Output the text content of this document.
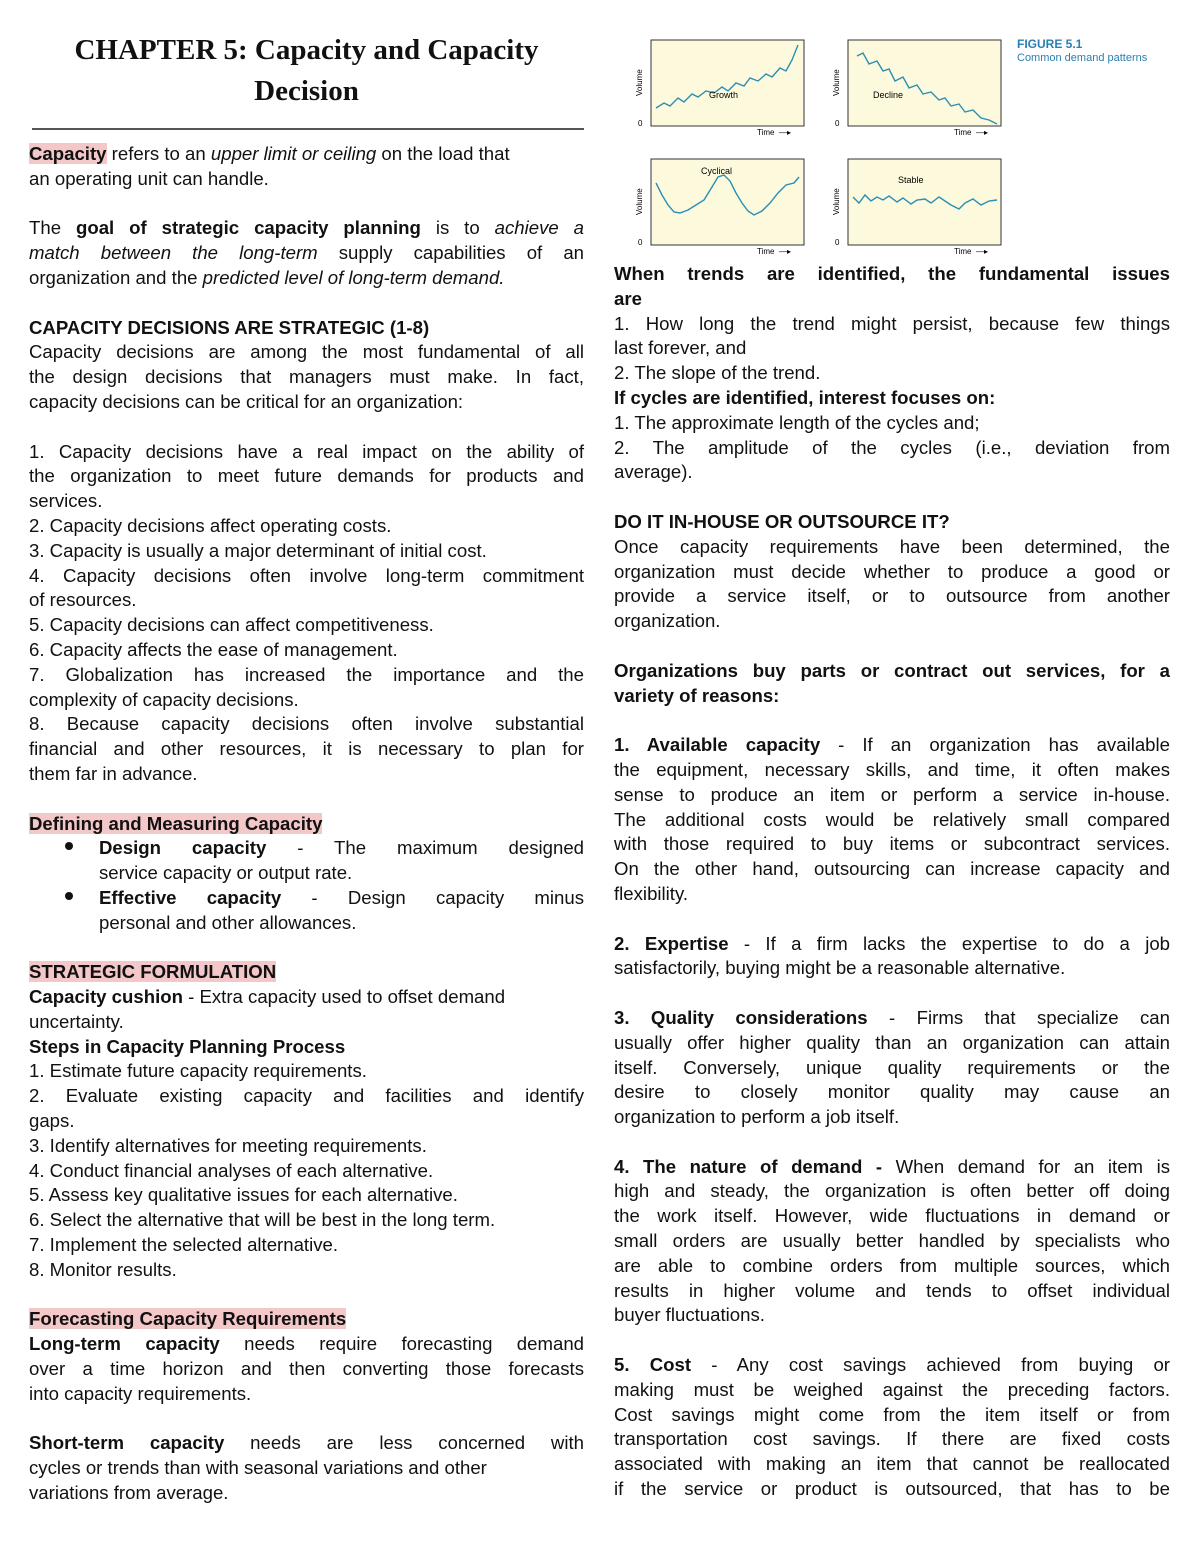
CHAPTER 5: Capacity and Capacity
Decision
Capacity refers to an upper limit or ceiling on the load that
an operating unit can handle.
The goal of strategic capacity planning is to achieve a
match between the long-term supply capabilities of an
organization and the predicted level of long-term demand.
CAPACITY DECISIONS ARE STRATEGIC (1-8)
Capacity decisions are among the most fundamental of all
the design decisions that managers must make. In fact,
capacity decisions can be critical for an organization:
1. Capacity decisions have a real impact on the ability of
the organization to meet future demands for products and
services.
2. Capacity decisions affect operating costs.
3. Capacity is usually a major determinant of initial cost.
4. Capacity decisions often involve long-term commitment
of resources.
5. Capacity decisions can affect competitiveness.
6. Capacity affects the ease of management.
7. Globalization has increased the importance and the
complexity of capacity decisions.
8. Because capacity decisions often involve substantial
financial and other resources, it is necessary to plan for
them far in advance.
Defining and Measuring Capacity
Design capacity - The maximum designed
service capacity or output rate.
Effective capacity - Design capacity minus
personal and other allowances.
STRATEGIC FORMULATION
Capacity cushion - Extra capacity used to offset demand
uncertainty.
Steps in Capacity Planning Process
1. Estimate future capacity requirements.
2. Evaluate existing capacity and facilities and identify
gaps.
3. Identify alternatives for meeting requirements.
4. Conduct financial analyses of each alternative.
5. Assess key qualitative issues for each alternative.
6. Select the alternative that will be best in the long term.
7. Implement the selected alternative.
8. Monitor results.
Forecasting Capacity Requirements
Long-term capacity needs require forecasting demand
over a time horizon and then converting those forecasts
into capacity requirements.
Short-term capacity needs are less concerned with
cycles or trends than with seasonal variations and other
variations from average.
Growth
Volume
0
Time —▸
Decline
Volume
0
Time —▸
Cyclical
Volume
0
Time —▸
Stable
Volume
0
Time —▸
FIGURE 5.1
Common demand patterns
When trends are identified, the fundamental issues
are
1. How long the trend might persist, because few things
last forever, and
2. The slope of the trend.
If cycles are identified, interest focuses on:
1. The approximate length of the cycles and;
2. The amplitude of the cycles (i.e., deviation from
average).
DO IT IN-HOUSE OR OUTSOURCE IT?
Once capacity requirements have been determined, the
organization must decide whether to produce a good or
provide a service itself, or to outsource from another
organization.
Organizations buy parts or contract out services, for a
variety of reasons:
1. Available capacity - If an organization has available
the equipment, necessary skills, and time, it often makes
sense to produce an item or perform a service in-house.
The additional costs would be relatively small compared
with those required to buy items or subcontract services.
On the other hand, outsourcing can increase capacity and
flexibility.
2. Expertise - If a firm lacks the expertise to do a job
satisfactorily, buying might be a reasonable alternative.
3. Quality considerations - Firms that specialize can
usually offer higher quality than an organization can attain
itself. Conversely, unique quality requirements or the
desire to closely monitor quality may cause an
organization to perform a job itself.
4. The nature of demand - When demand for an item is
high and steady, the organization is often better off doing
the work itself. However, wide fluctuations in demand or
small orders are usually better handled by specialists who
are able to combine orders from multiple sources, which
results in higher volume and tends to offset individual
buyer fluctuations.
5. Cost - Any cost savings achieved from buying or
making must be weighed against the preceding factors.
Cost savings might come from the item itself or from
transportation cost savings. If there are fixed costs
associated with making an item that cannot be reallocated
if the service or product is outsourced, that has to be
